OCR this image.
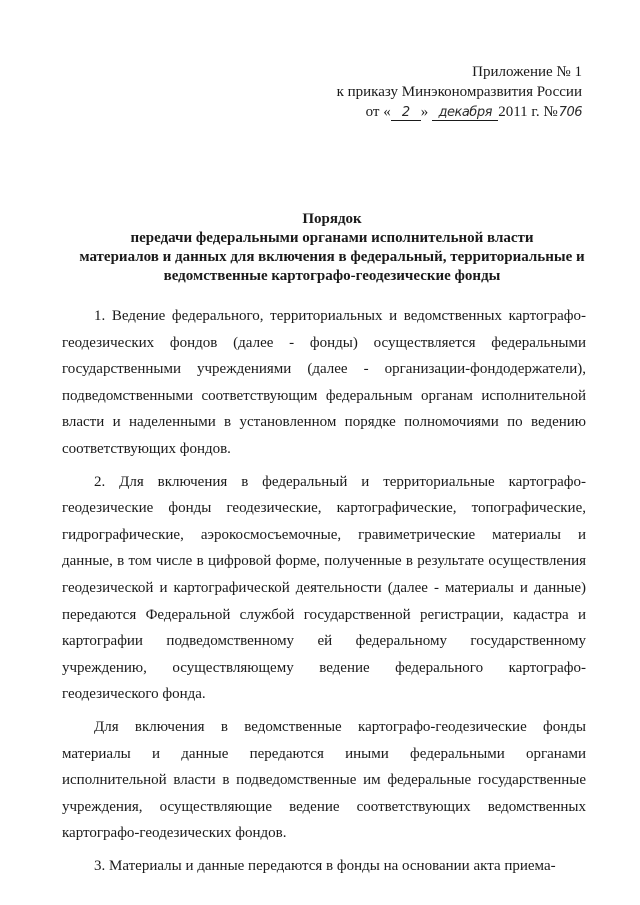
Приложение № 1
к приказу Минэкономразвития России
от « 2 » декабря 2011 г. №706
Порядок
передачи федеральными органами исполнительной власти
материалов и данных для включения в федеральный, территориальные и
ведомственные картографо-геодезические фонды

1. Ведение федерального, территориальных и ведомственных картографо-геодезических фондов (далее - фонды) осуществляется федеральными государственными учреждениями (далее - организации-фондодержатели), подведомственными соответствующим федеральным органам исполнительной власти и наделенными в установленном порядке полномочиями по ведению соответствующих фондов.

2. Для включения в федеральный и территориальные картографо-геодезические фонды геодезические, картографические, топографические, гидрографические, аэрокосмосъемочные, гравиметрические материалы и данные, в том числе в цифровой форме, полученные в результате осуществления геодезической и картографической деятельности (далее - материалы и данные) передаются Федеральной службой государственной регистрации, кадастра и картографии подведомственному ей федеральному государственному учреждению, осуществляющему ведение федерального картографо-геодезического фонда.

Для включения в ведомственные картографо-геодезические фонды материалы и данные передаются иными федеральными органами исполнительной власти в подведомственные им федеральные государственные учреждения, осуществляющие ведение соответствующих ведомственных картографо-геодезических фондов.

3. Материалы и данные передаются в фонды на основании акта приема-
